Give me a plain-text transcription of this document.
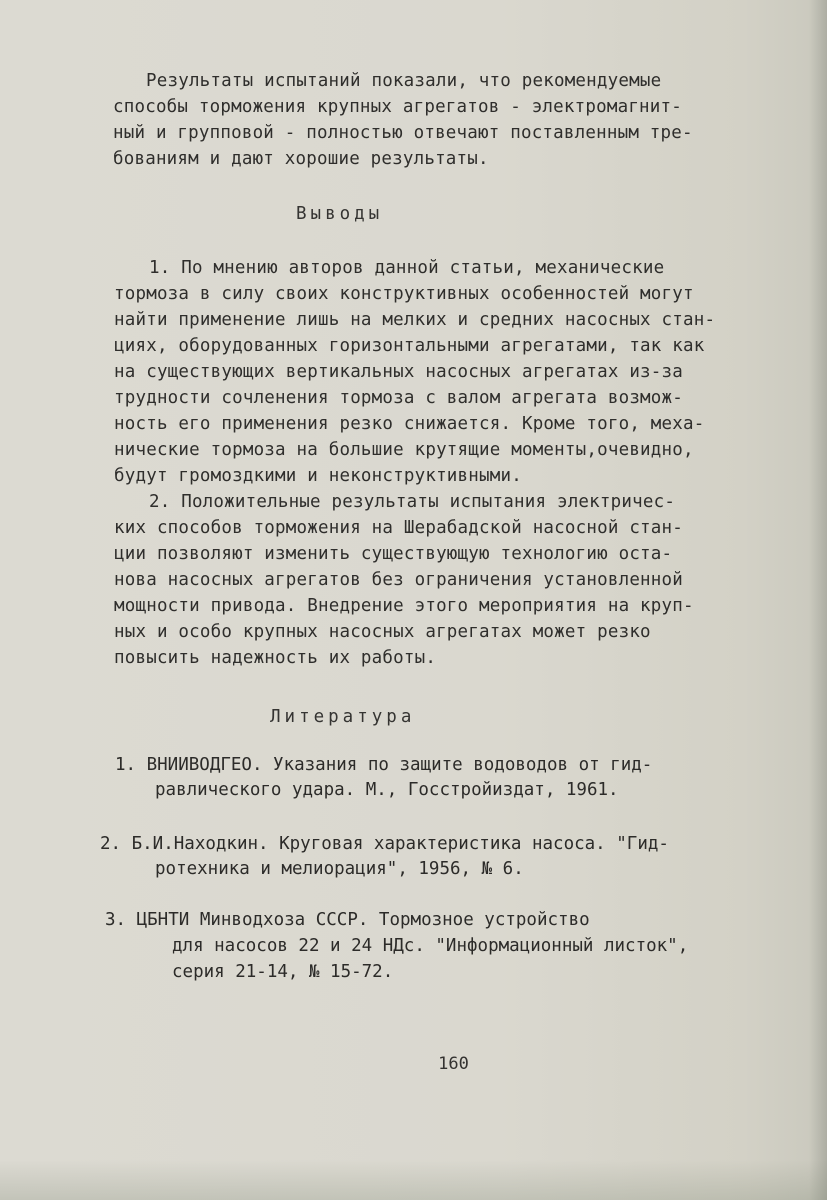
Результаты испытаний показали, что рекомендуемые
способы торможения крупных агрегатов - электромагнит-
ный и групповой - полностью отвечают поставленным тре-
бованиям и дают хорошие результаты.
Выводы
1. По мнению авторов данной статьи, механические
тормоза в силу своих конструктивных особенностей могут
найти применение лишь на мелких и средних насосных стан-
циях, оборудованных горизонтальными агрегатами, так как
на существующих вертикальных насосных агрегатах из-за
трудности сочленения тормоза с валом агрегата возмож-
ность его применения резко снижается. Кроме того, меха-
нические тормоза на большие крутящие моменты,очевидно,
будут громоздкими и неконструктивными.
2. Положительные результаты испытания электричес-
ких способов торможения на Шерабадской насосной стан-
ции позволяют изменить существующую технологию оста-
нова насосных агрегатов без ограничения установленной
мощности привода. Внедрение этого мероприятия на круп-
ных и особо крупных насосных агрегатах может резко
повысить надежность их работы.
Литература
1. ВНИИВОДГЕО. Указания по защите водоводов от гид-
равлического удара. М., Госстройиздат, 1961.
2. Б.И.Находкин. Круговая характеристика насоса. "Гид-
ротехника и мелиорация", 1956, № 6.
3. ЦБНТИ Минводхоза СССР. Тормозное устройство
для насосов 22 и 24 НДс. "Информационный листок",
серия 21-14, № 15-72.
160
